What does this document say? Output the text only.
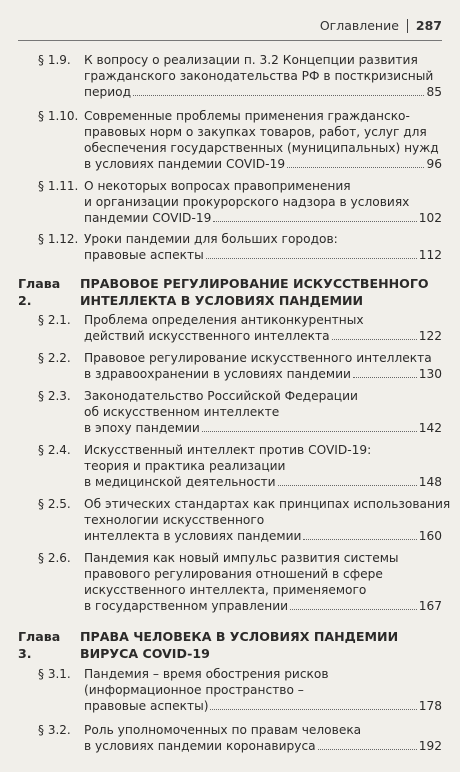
Оглавление 287
§ 1.9.	К вопросу о реализации п. 3.2 Концепции развития
гражданского законодательства РФ в посткризисный
период	85
§ 1.10. Современные проблемы применения гражданско-
правовых норм о закупках товаров, работ, услуг для
обеспечения государственных (муниципальных) нужд
в условиях пандемии COVID-19	96
§ 1.11. О некоторых вопросах правоприменения
и организации прокурорского надзора в условиях
пандемии COVID-19	102
§ 1.12. Уроки пандемии для больших городов:
правовые аспекты	112
Глава 2.
ПРАВОВОЕ РЕГУЛИРОВАНИЕ ИСКУССТВЕННОГО
ИНТЕЛЛЕКТА В УСЛОВИЯХ ПАНДЕМИИ
§ 2.1.	Проблема определения антиконкурентных
действий искусственного интеллекта	122
§ 2.2.	Правовое регулирование искусственного интеллекта
в здравоохранении в условиях пандемии	130
§ 2.3.	Законодательство Российской Федерации
об искусственном интеллекте
в эпоху пандемии	142
§ 2.4.	Искусственный интеллект против COVID-19:
теория и практика реализации
в медицинской деятельности	148
§ 2.5.	Об этических стандартах как принципах использования
технологии искусственного
интеллекта в условиях пандемии	160
§ 2.6.	Пандемия как новый импульс развития системы
правового регулирования отношений в сфере
искусственного интеллекта, применяемого
в государственном управлении	167
Глава 3.
ПРАВА ЧЕЛОВЕКА В УСЛОВИЯХ ПАНДЕМИИ
ВИРУСА COVID-19
§ 3.1.	Пандемия – время обострения рисков
(информационное пространство –
правовые аспекты)	178
§ 3.2.	Роль уполномоченных по правам человека
в условиях пандемии коронавируса	192
